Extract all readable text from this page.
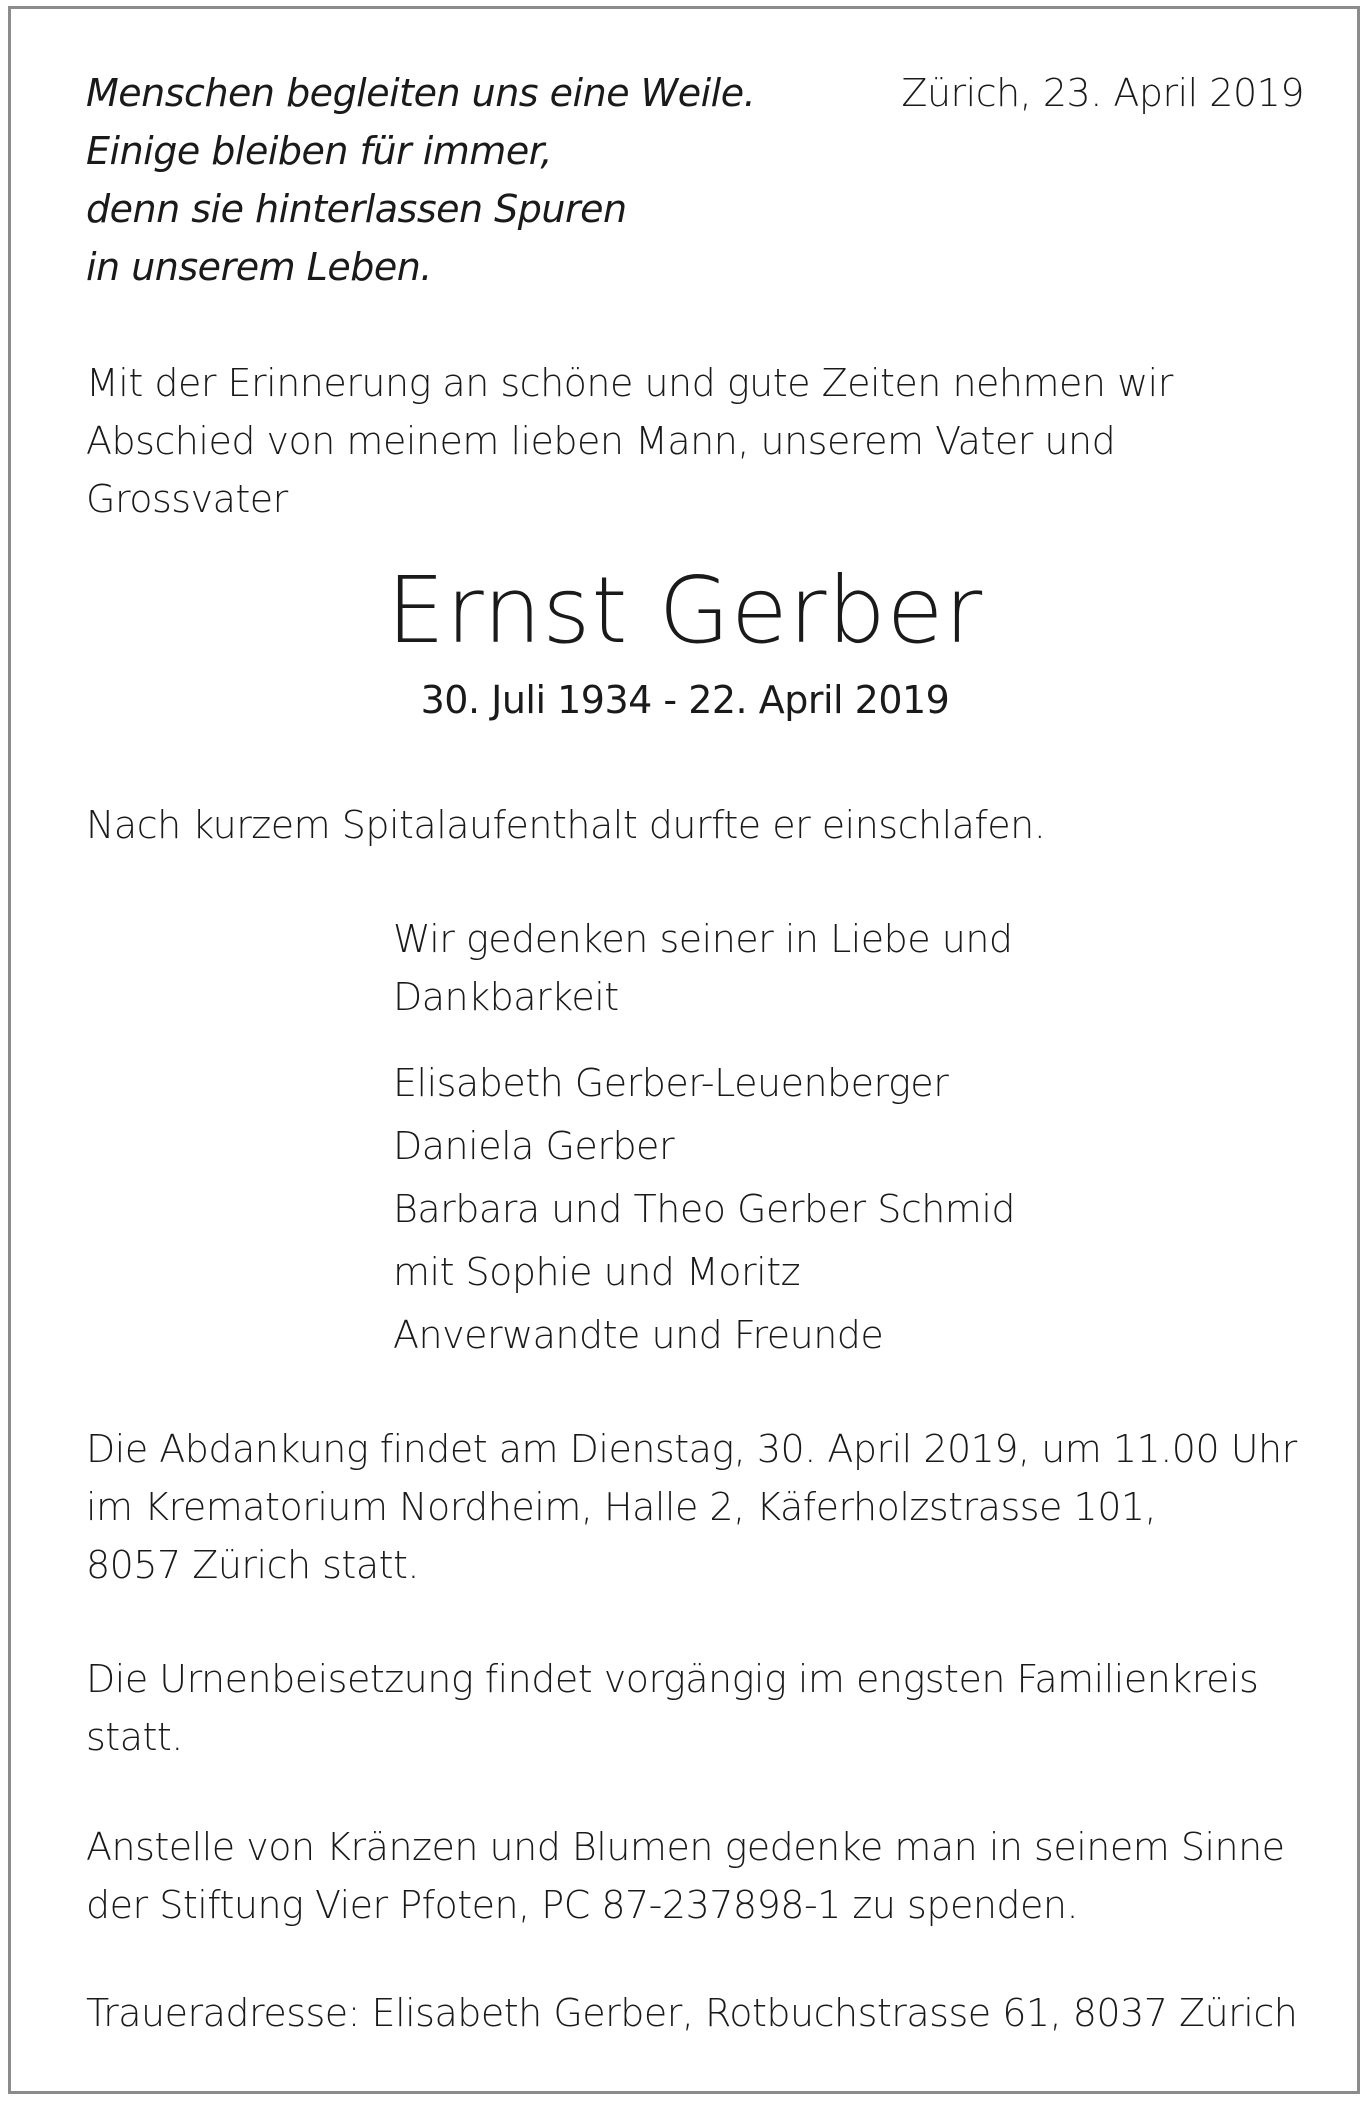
Menschen begleiten uns eine Weile.
Einige bleiben für immer,
denn sie hinterlassen Spuren
in unserem Leben.
Zürich, 23. April 2019
Mit der Erinnerung an schöne und gute Zeiten nehmen wir
Abschied von meinem lieben Mann, unserem Vater und
Grossvater
Ernst Gerber
30. Juli 1934 - 22. April 2019
Nach kurzem Spitalaufenthalt durfte er einschlafen.
Wir gedenken seiner in Liebe und
Dankbarkeit
Elisabeth Gerber-Leuenberger
Daniela Gerber
Barbara und Theo Gerber Schmid
mit Sophie und Moritz
Anverwandte und Freunde
Die Abdankung findet am Dienstag, 30. April 2019, um 11.00 Uhr
im Krematorium Nordheim, Halle 2, Käferholzstrasse 101,
8057 Zürich statt.
Die Urnenbeisetzung findet vorgängig im engsten Familienkreis
statt.
Anstelle von Kränzen und Blumen gedenke man in seinem Sinne
der Stiftung Vier Pfoten, PC 87-237898-1 zu spenden.
Traueradresse: Elisabeth Gerber, Rotbuchstrasse 61, 8037 Zürich
